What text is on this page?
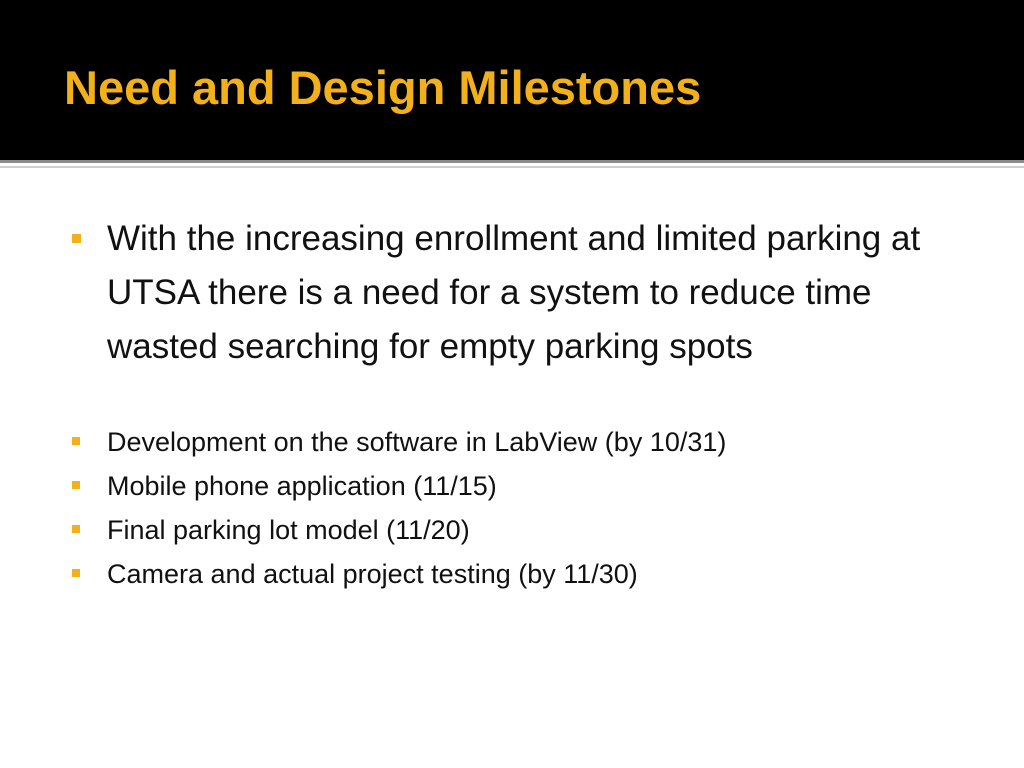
Need and Design Milestones
With the increasing enrollment and limited parking at UTSA there is a need for a system to reduce time wasted searching for empty parking spots
Development on the software in LabView (by 10/31)
Mobile phone application (11/15)
Final parking lot model (11/20)
Camera and actual project testing (by 11/30)
